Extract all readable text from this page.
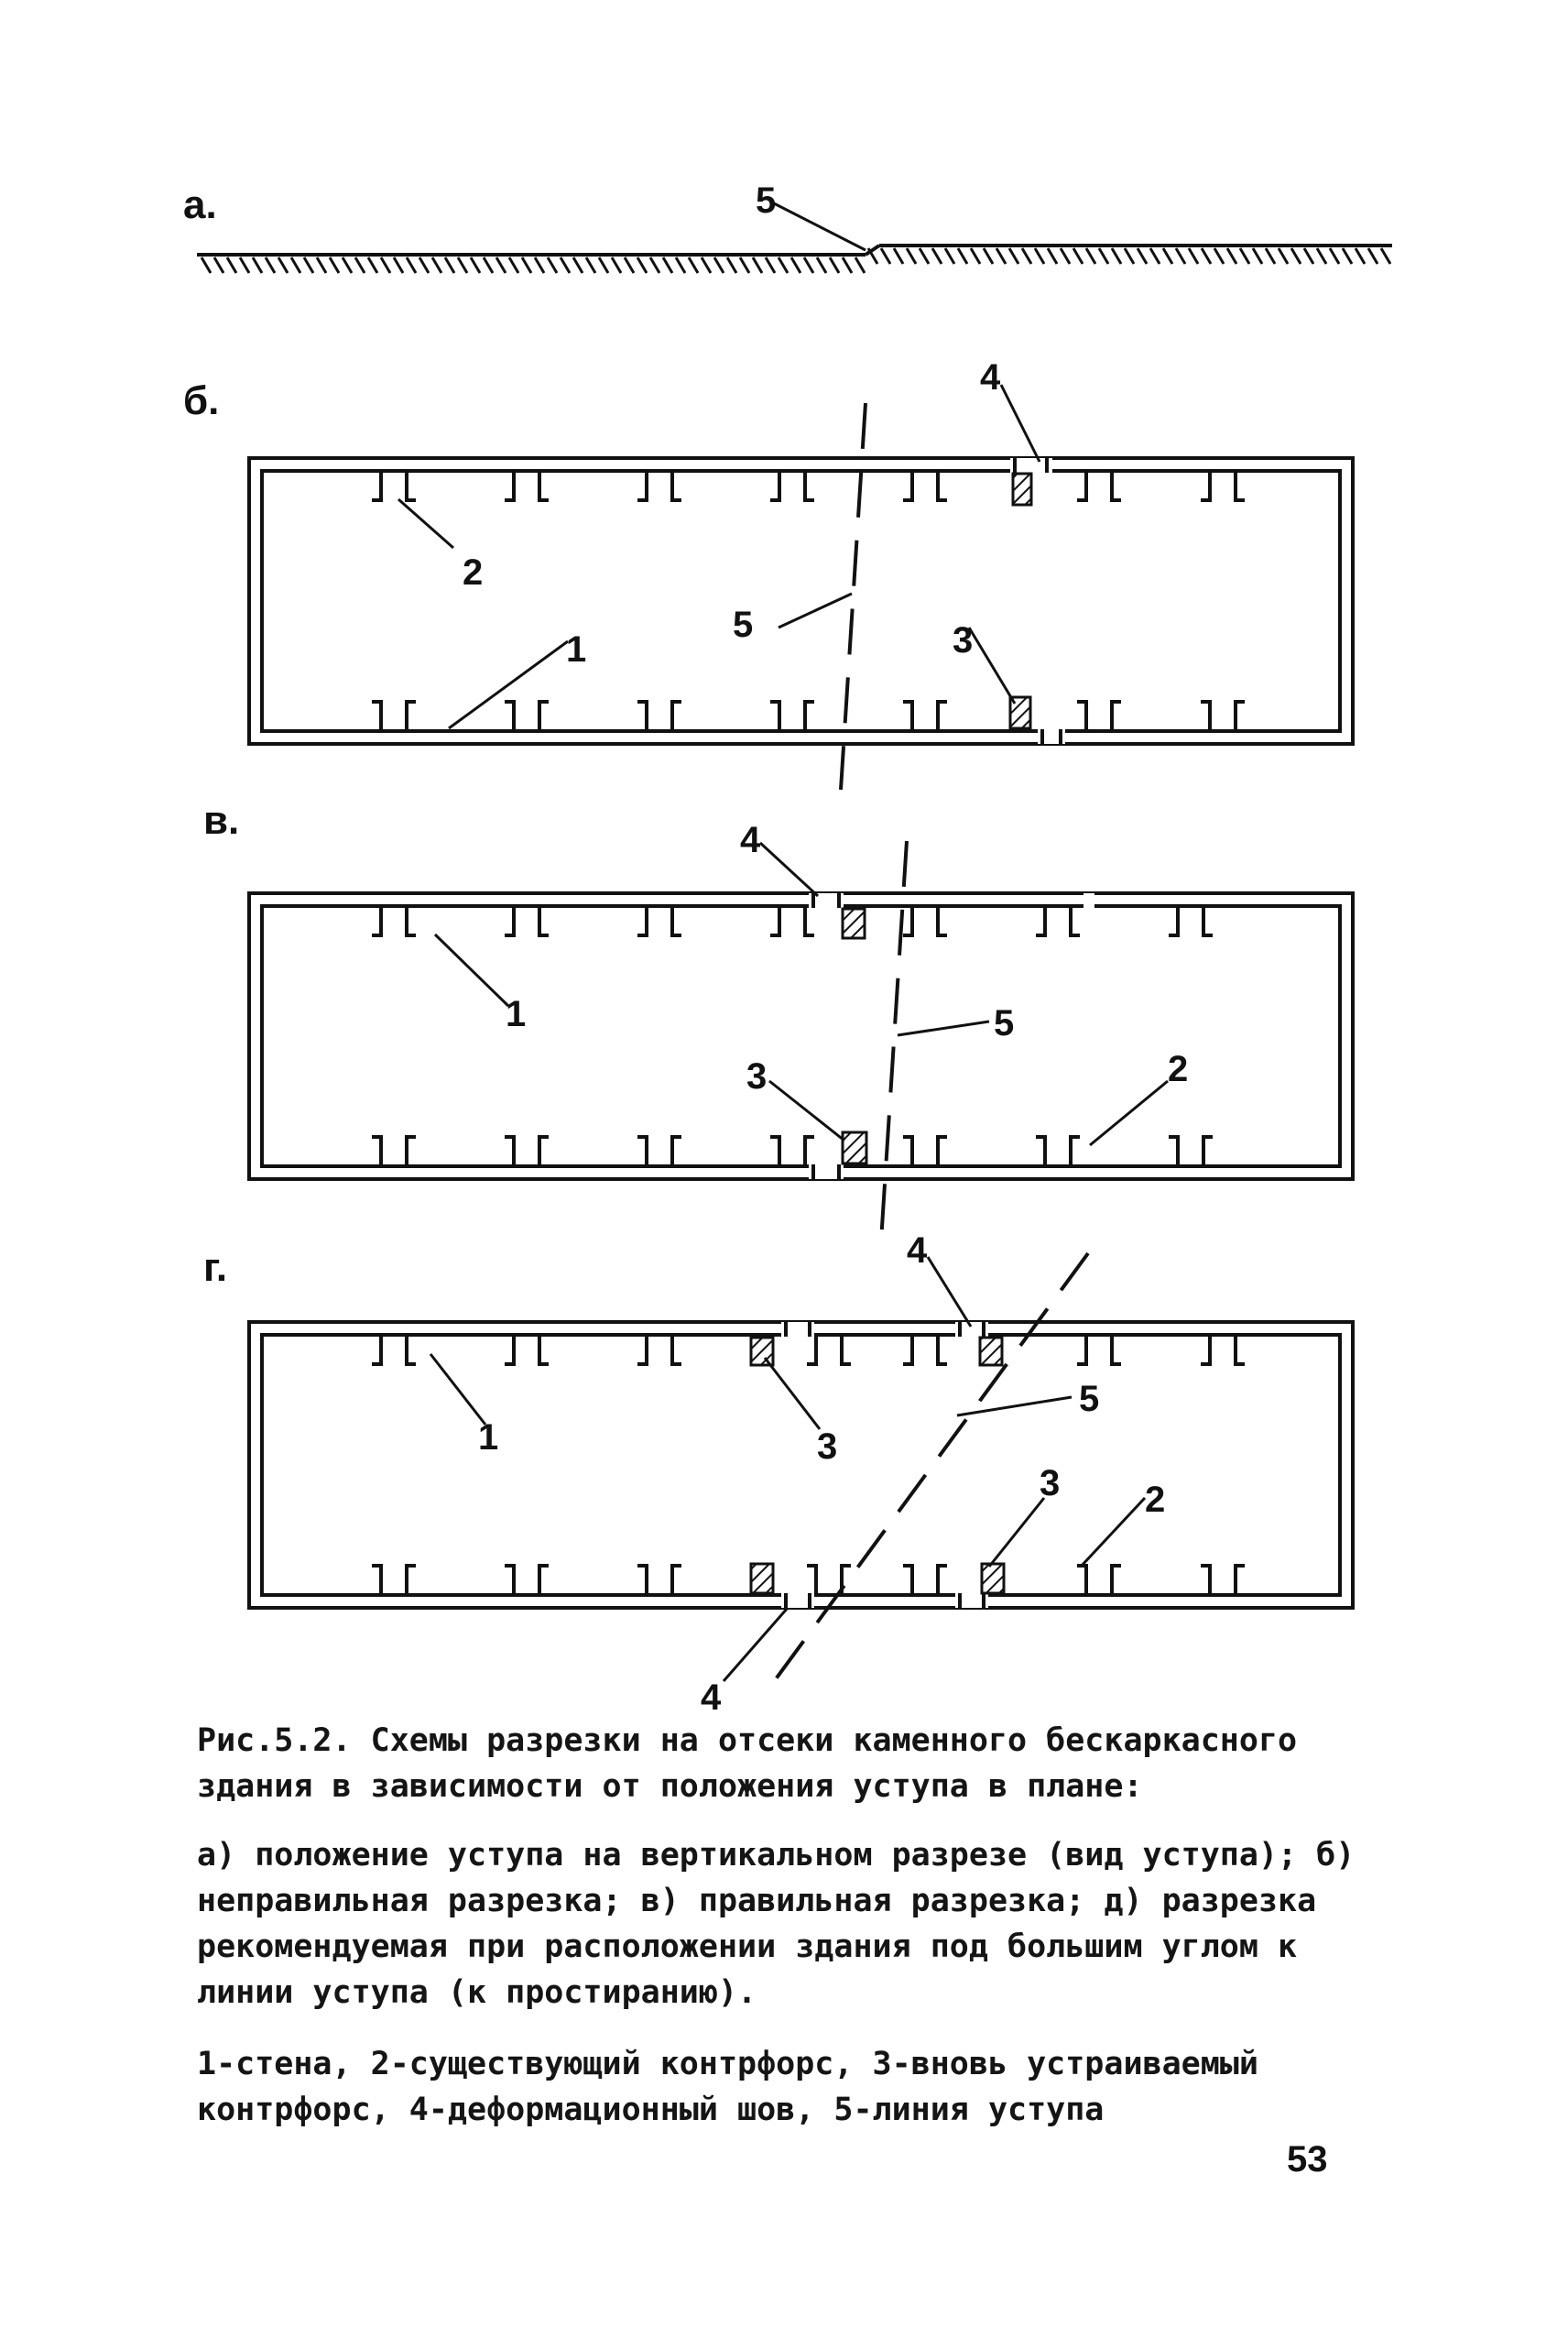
а.	5
б.
4
2
5
1	3
в.	4
1	5
3	2
г.	4
1	3
5
3 2
4

Рис.5.2. Схемы разрезки на отсеки каменного бескаркасного здания в зависимости от положения уступа в плане:

а) положение уступа на вертикальном разрезе (вид уступа); б) неправильная разрезка; в) правильная разрезка; д) разрезка рекомендуемая при расположении здания под большим углом к линии уступа (к простиранию).

1-стена, 2-существующий контрфорс, 3-вновь устраиваемый контрфорс, 4-деформационный шов, 5-линия уступа

53
